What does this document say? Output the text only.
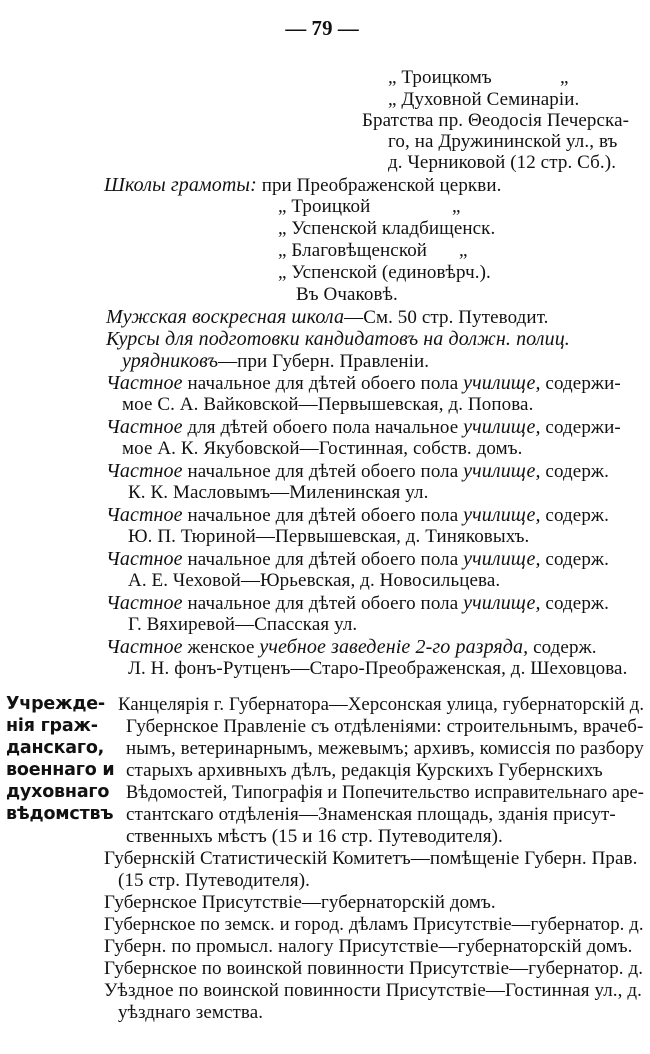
— 79 —
„ Троицкомъ	„
„ Духовной Семинаріи.
Братства пр. Θеодосія Печерска-
го, на Дружининской ул., въ
д. Черниковой (12 стр. Сб.).
Школы грамоты: при Преображенской церкви.
„ Троицкой	„
„ Успенской кладбищенск.
„ Благовѣщенской „
„ Успенской (единовѣрч.).
Въ Очаковѣ.
Мужская воскресная школа—См. 50 стр. Путеводит.
Курсы для подготовки кандидатовъ на должн. полиц.
урядниковъ—при Губерн. Правленіи.
Частное начальное для дѣтей обоего пола училище, содержи-
мое С. А. Вайковской—Первышевская, д. Попова.
Частное для дѣтей обоего пола начальное училище, содержи-
мое А. К. Якубовской—Гостинная, собств. домъ.
Частное начальное для дѣтей обоего пола училище, содерж.
К. К. Масловымъ—Миленинская ул.
Частное начальное для дѣтей обоего пола училище, содерж.
Ю. П. Тюриной—Первышевская, д. Тиняковыхъ.
Частное начальное для дѣтей обоего пола училище, содерж.
А. Е. Чеховой—Юрьевская, д. Новосильцева.
Частное начальное для дѣтей обоего пола училище, содерж.
Г. Вяхиревой—Спасская ул.
Частное женское учебное заведеніе 2-го разряда, содерж.
Л. Н. фонъ-Рутценъ—Старо-Преображенская, д. Шеховцова.
Учрежде-
нія граж-
данскаго,
военнаго и
духовнаго
вѣдомствъ
Канцелярія г. Губернатора—Херсонская улица, губернаторскій д.
Губернское Правленіе съ отдѣленіями: строительнымъ, врачеб-
нымъ, ветеринарнымъ, межевымъ; архивъ, комиссія по разбору
старыхъ архивныхъ дѣлъ, редакція Курскихъ Губернскихъ
Вѣдомостей, Типографія и Попечительство исправительнаго аре-
стантскаго отдѣленія—Знаменская площадь, зданія присут-
ственныхъ мѣстъ (15 и 16 стр. Путеводителя).
Губернскій Статистическій Комитетъ—помѣщеніе Губерн. Прав.
(15 стр. Путеводителя).
Губернское Присутствіе—губернаторскій домъ.
Губернское по земск. и город. дѣламъ Присутствіе—губернатор. д.
Губерн. по промысл. налогу Присутствіе—губернаторскій домъ.
Губернское по воинской повинности Присутствіе—губернатор. д.
Уѣздное по воинской повинности Присутствіе—Гостинная ул., д.
уѣзднаго земства.
